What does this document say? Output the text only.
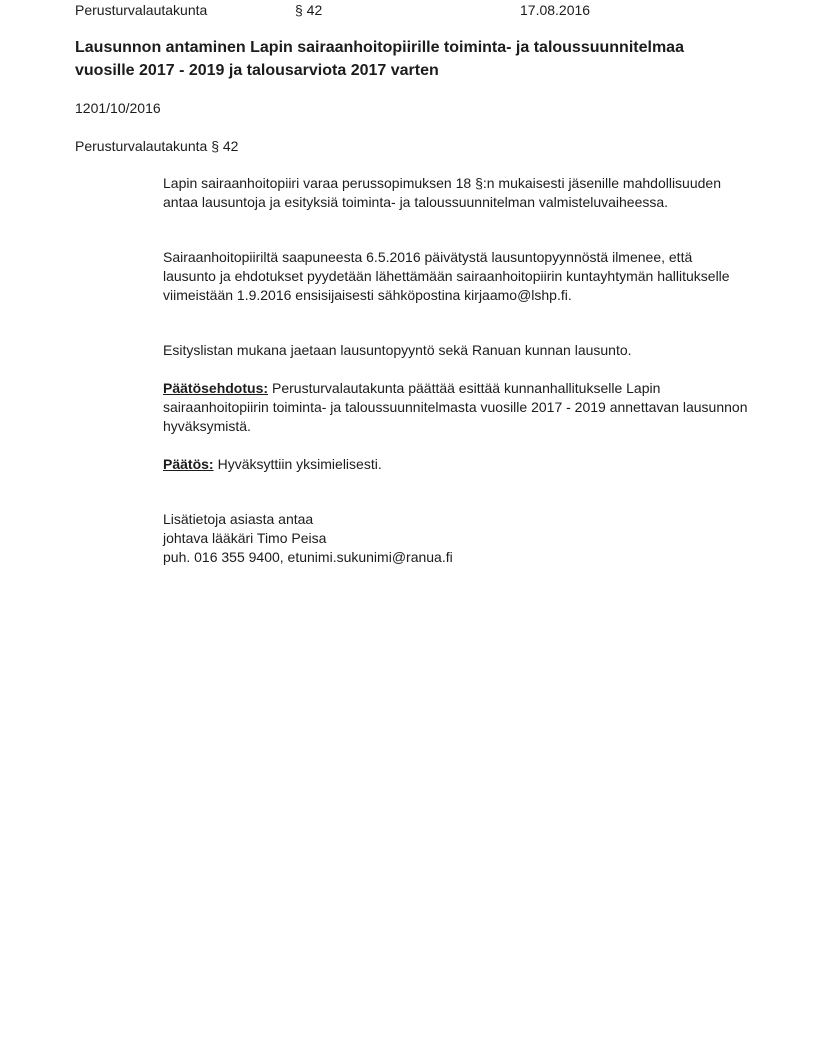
Perusturvalautakunta	§ 42	17.08.2016
Lausunnon antaminen Lapin sairaanhoitopiirille toiminta- ja taloussuunnitelmaa vuosille 2017 - 2019 ja talousarviota 2017 varten
1201/10/2016
Perusturvalautakunta § 42

Lapin sairaanhoitopiiri varaa perussopimuksen 18 §:n mukaisesti jäsenille mahdollisuuden antaa lausuntoja ja esityksiä toiminta- ja taloussuunnitelman valmisteluvaiheessa.

Sairaanhoitopiiriltä saapuneesta 6.5.2016 päivätystä lausuntopyynnöstä ilmenee, että lausunto ja ehdotukset pyydetään lähettämään sairaanhoitopiirin kuntayhtymän hallitukselle viimeistään 1.9.2016 ensisijaisesti sähköpostina kirjaamo@lshp.fi.

Esityslistan mukana jaetaan lausuntopyyntö sekä Ranuan kunnan lausunto.

Päätösehdotus: Perusturvalautakunta päättää esittää kunnanhallitukselle Lapin sairaanhoitopiirin toiminta- ja taloussuunnitelmasta vuosille 2017 - 2019 annettavan lausunnon hyväksymistä.

Päätös: Hyväksyttiin yksimielisesti.

Lisätietoja asiasta antaa
johtava lääkäri Timo Peisa
puh. 016 355 9400, etunimi.sukunimi@ranua.fi
